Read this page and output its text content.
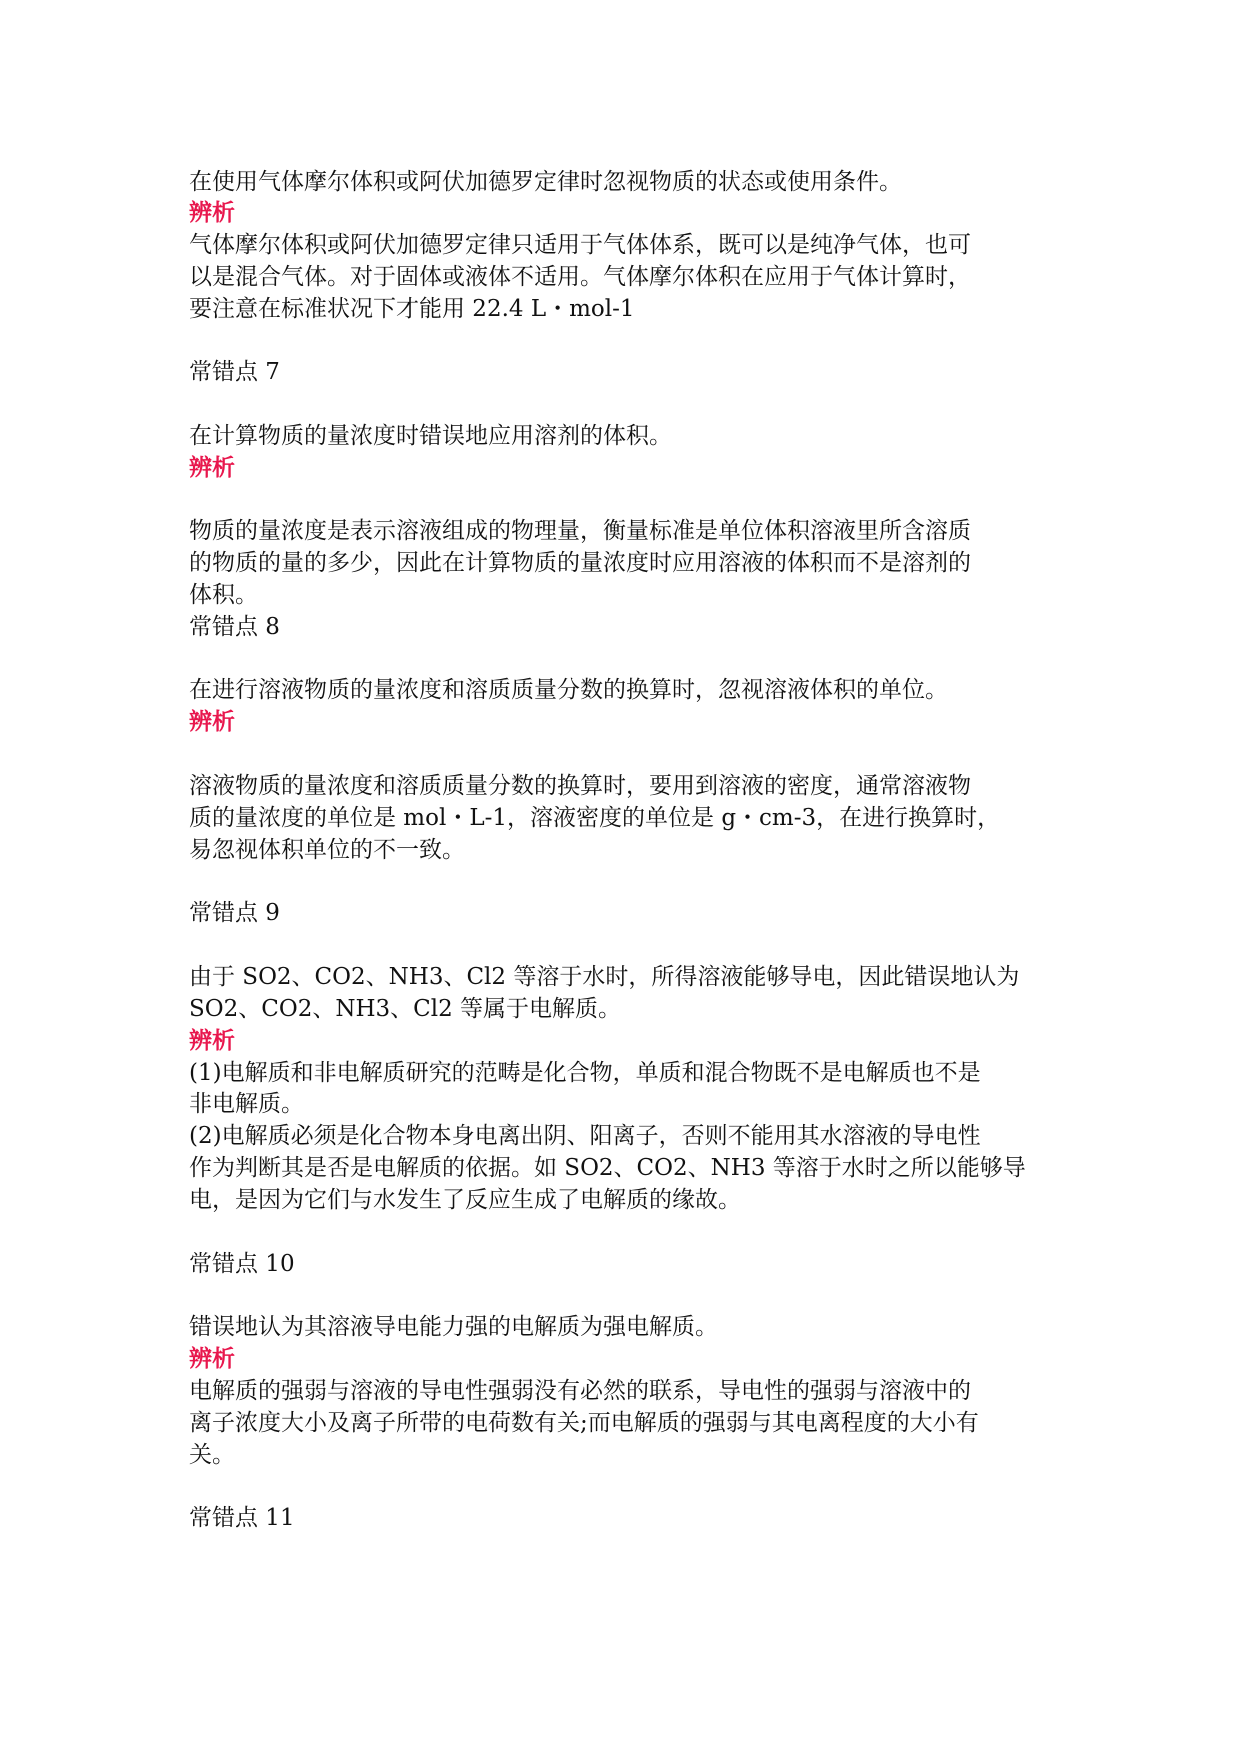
在使用气体摩尔体积或阿伏加德罗定律时忽视物质的状态或使用条件。
辨析
气体摩尔体积或阿伏加德罗定律只适用于气体体系，既可以是纯净气体，也可
以是混合气体。对于固体或液体不适用。气体摩尔体积在应用于气体计算时，
要注意在标准状况下才能用 22.4 L・mol-1
常错点 7
在计算物质的量浓度时错误地应用溶剂的体积。
辨析
物质的量浓度是表示溶液组成的物理量，衡量标准是单位体积溶液里所含溶质
的物质的量的多少，因此在计算物质的量浓度时应用溶液的体积而不是溶剂的
体积。
常错点 8
在进行溶液物质的量浓度和溶质质量分数的换算时，忽视溶液体积的单位。
辨析
溶液物质的量浓度和溶质质量分数的换算时，要用到溶液的密度，通常溶液物
质的量浓度的单位是 mol・L-1，溶液密度的单位是 g・cm-3，在进行换算时，
易忽视体积单位的不一致。
常错点 9
由于 SO2、CO2、NH3、Cl2 等溶于水时，所得溶液能够导电，因此错误地认为
SO2、CO2、NH3、Cl2 等属于电解质。
辨析
(1)电解质和非电解质研究的范畴是化合物，单质和混合物既不是电解质也不是
非电解质。
(2)电解质必须是化合物本身电离出阴、阳离子，否则不能用其水溶液的导电性
作为判断其是否是电解质的依据。如 SO2、CO2、NH3 等溶于水时之所以能够导
电，是因为它们与水发生了反应生成了电解质的缘故。
常错点 10
错误地认为其溶液导电能力强的电解质为强电解质。
辨析
电解质的强弱与溶液的导电性强弱没有必然的联系，导电性的强弱与溶液中的
离子浓度大小及离子所带的电荷数有关;而电解质的强弱与其电离程度的大小有
关。
常错点 11
